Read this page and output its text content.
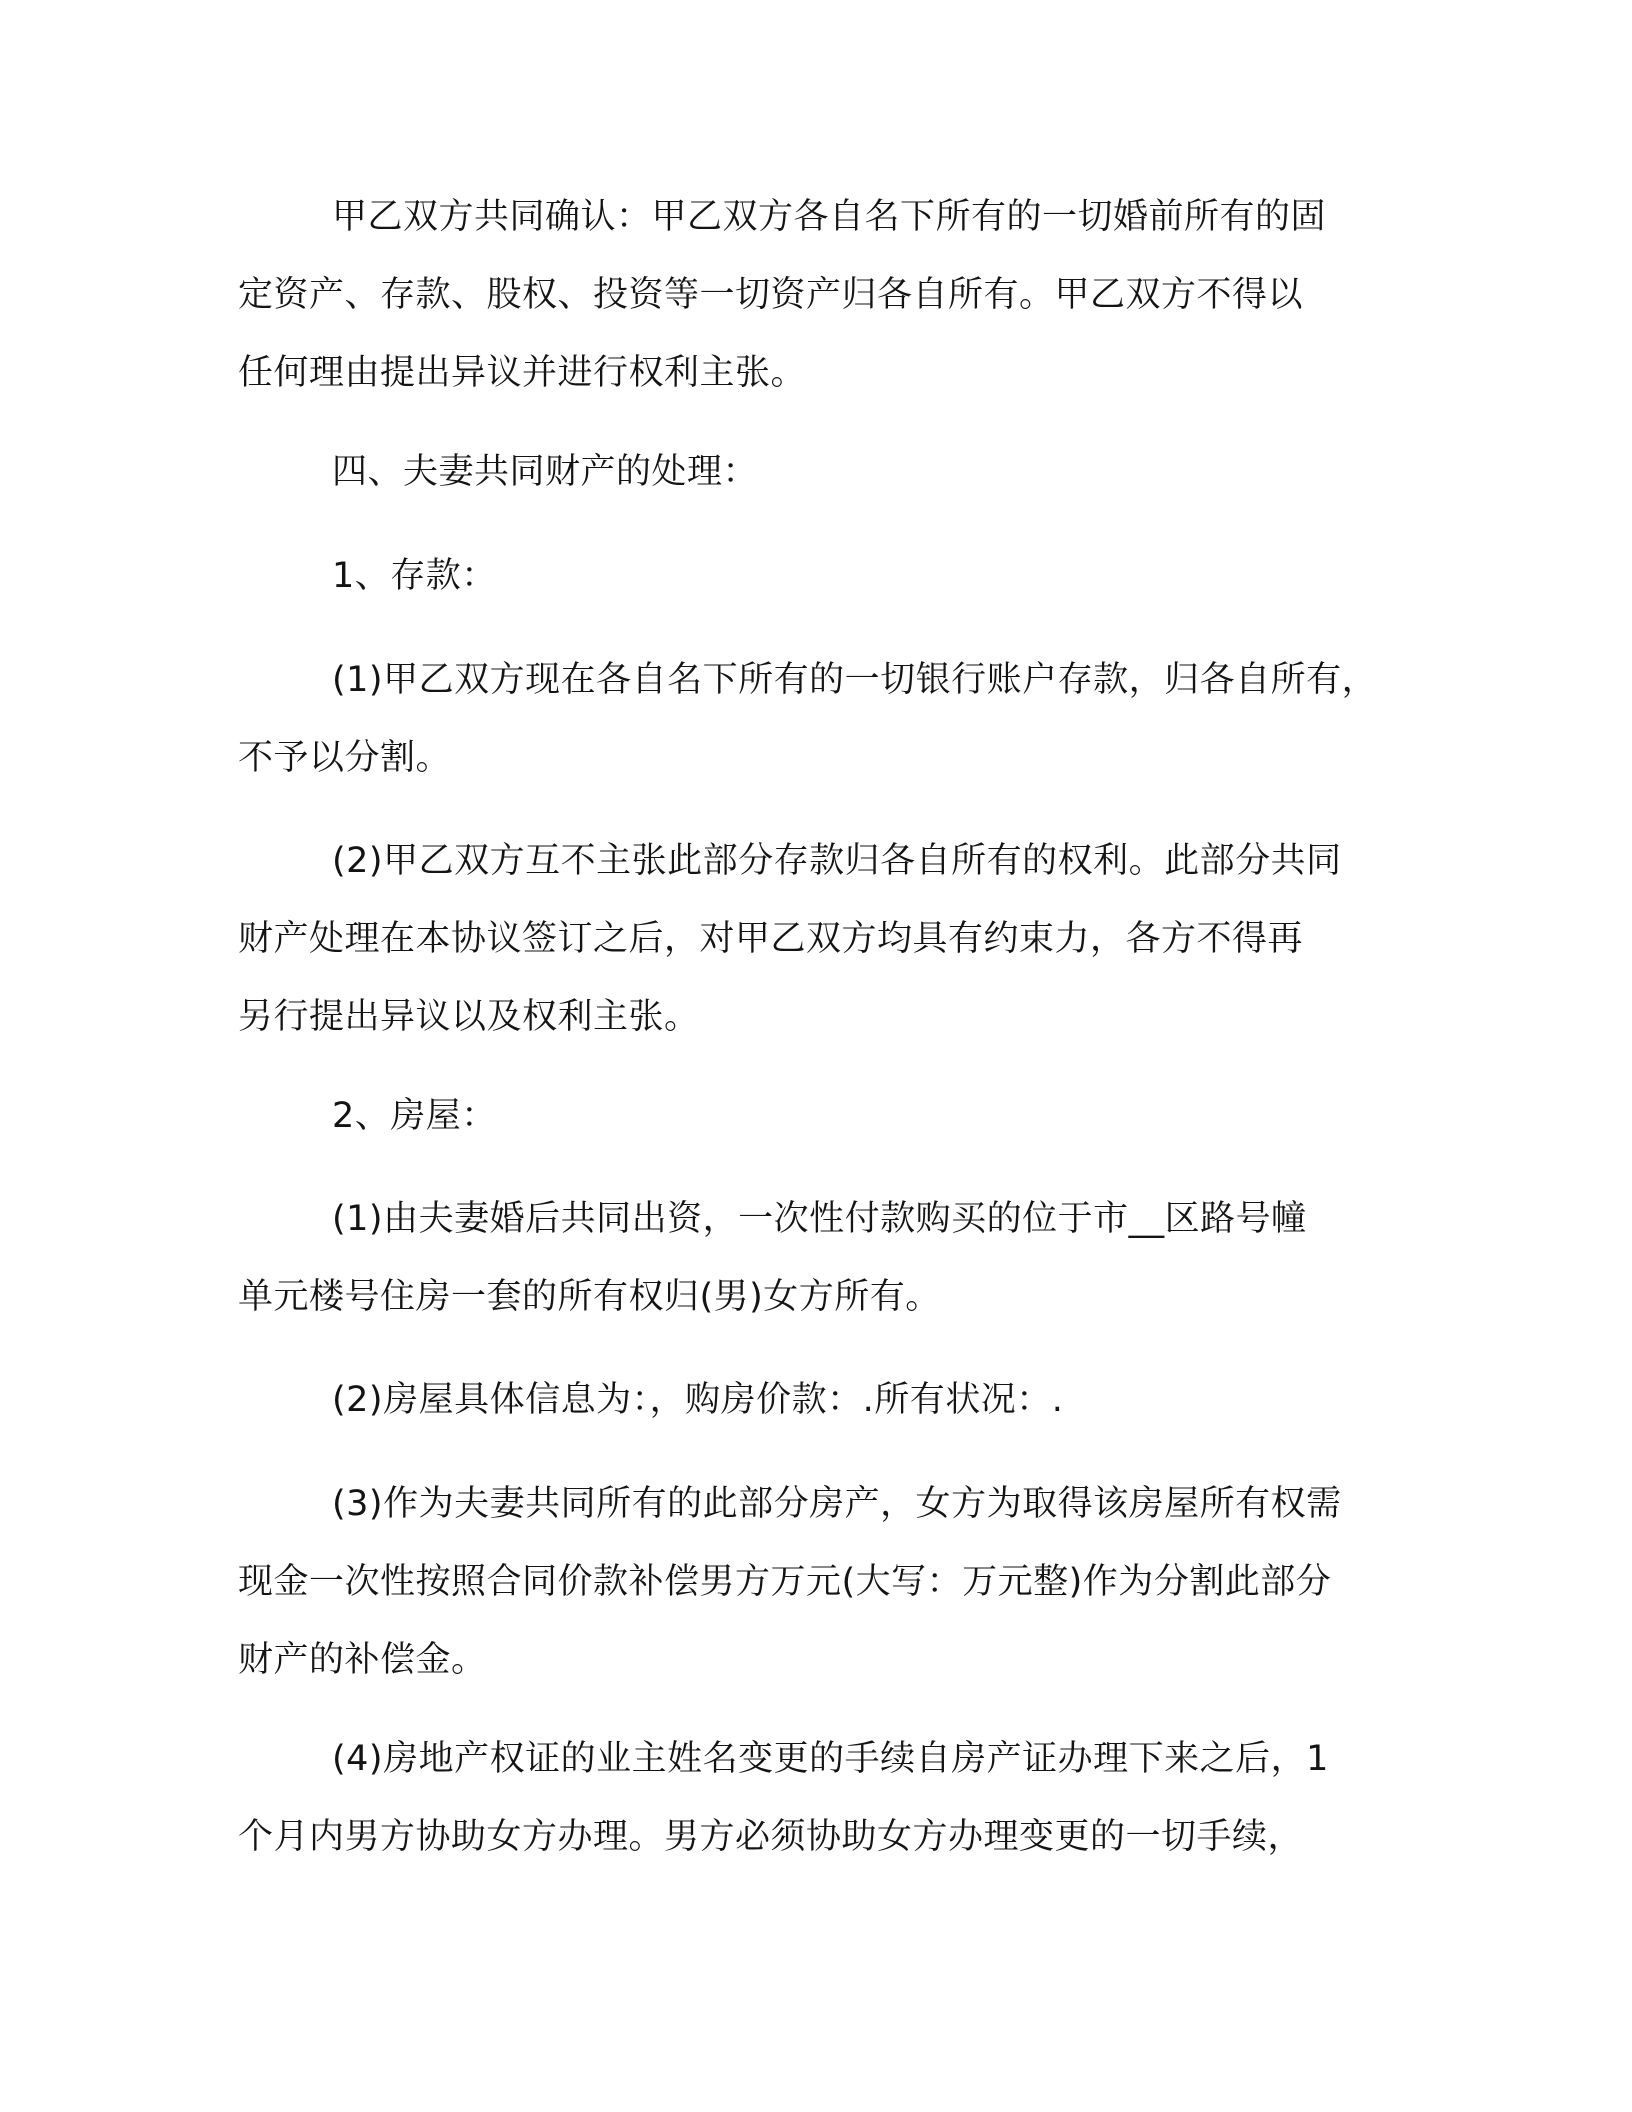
甲乙双方共同确认：甲乙双方各自名下所有的一切婚前所有的固
定资产、存款、股权、投资等一切资产归各自所有。甲乙双方不得以
任何理由提出异议并进行权利主张。

四、夫妻共同财产的处理：

1、存款：

(1)甲乙双方现在各自名下所有的一切银行账户存款，归各自所有，
不予以分割。

(2)甲乙双方互不主张此部分存款归各自所有的权利。此部分共同
财产处理在本协议签订之后，对甲乙双方均具有约束力，各方不得再
另行提出异议以及权利主张。

2、房屋：

(1)由夫妻婚后共同出资，一次性付款购买的位于市__区路号幢
单元楼号住房一套的所有权归(男)女方所有。

(2)房屋具体信息为：，购房价款：.所有状况：.

(3)作为夫妻共同所有的此部分房产，女方为取得该房屋所有权需
现金一次性按照合同价款补偿男方万元(大写：万元整)作为分割此部分
财产的补偿金。

(4)房地产权证的业主姓名变更的手续自房产证办理下来之后，1
个月内男方协助女方办理。男方必须协助女方办理变更的一切手续，
